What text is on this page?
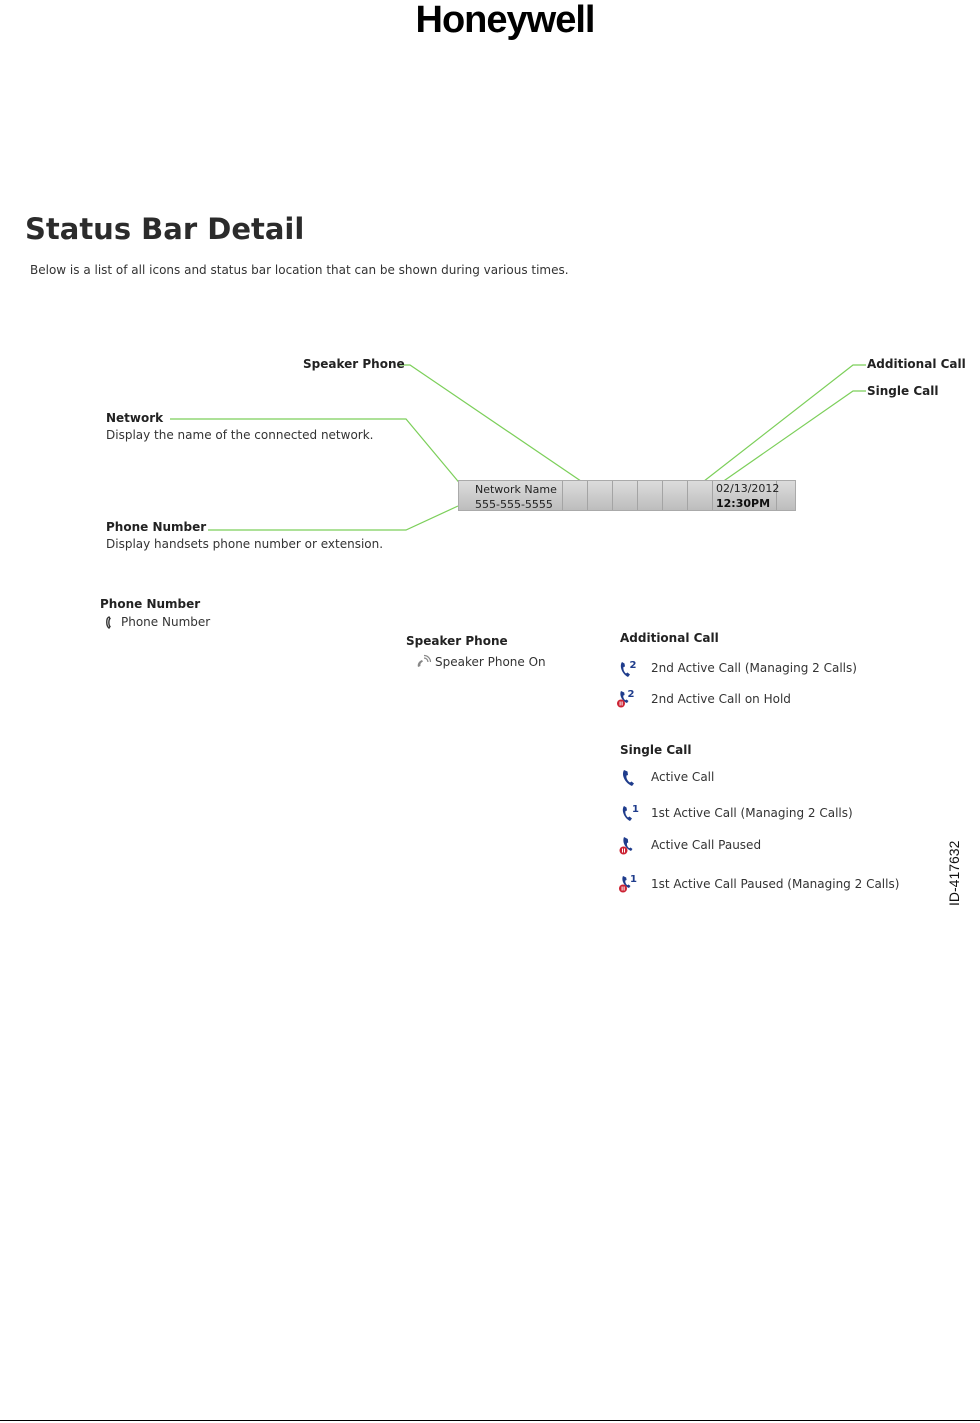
Honeywell
Status Bar Detail
Below is a list of all icons and status bar location that can be shown during various times.
Speaker Phone
Network
Display the name of the connected network.
Phone Number
Display handsets phone number or extension.
Additional Call
Single Call
Network Name
555-555-5555
02/13/2012
12:30PM
Phone Number
Phone Number
Speaker Phone
Speaker Phone On
Additional Call
2 2nd Active Call (Managing 2 Calls)
2 2nd Active Call on Hold
Single Call
Active Call
1 1st Active Call (Managing 2 Calls)
Active Call Paused
1 1st Active Call Paused (Managing 2 Calls)	ID-417632
